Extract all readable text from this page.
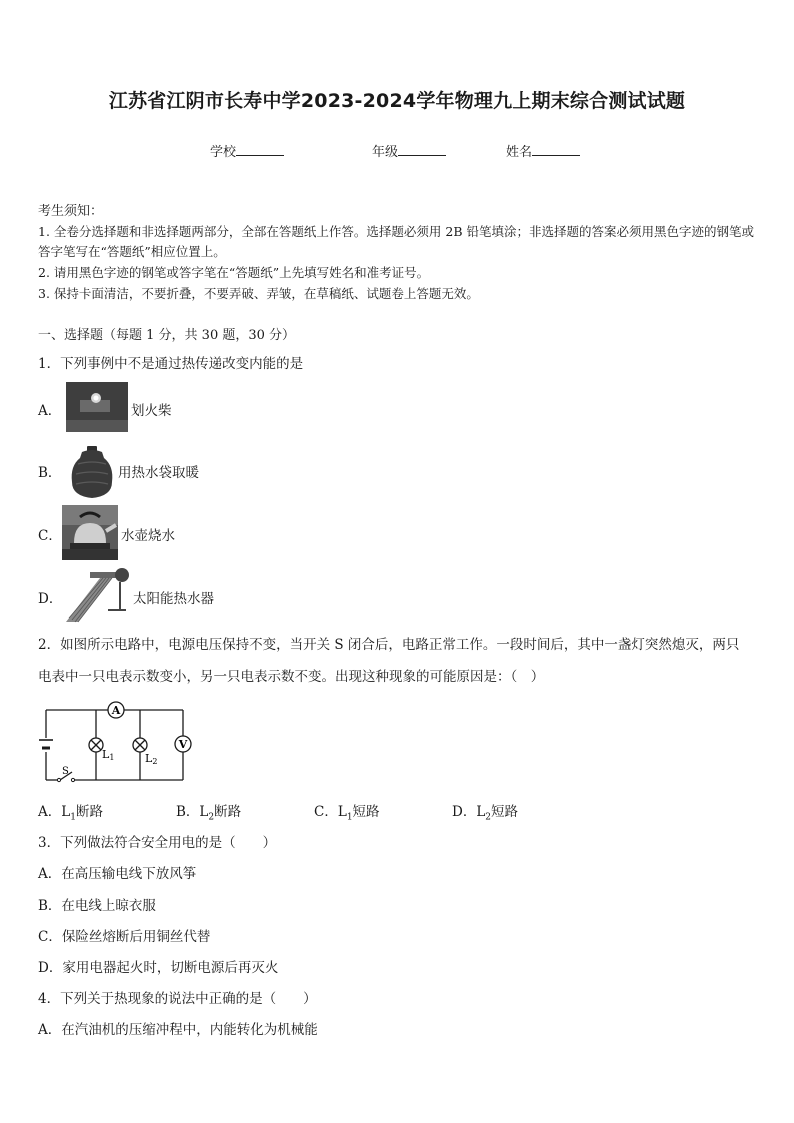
江苏省江阴市长寿中学2023-2024学年物理九上期末综合测试试题
学校	年级	姓名
考生须知：
1. 全卷分选择题和非选择题两部分，全部在答题纸上作答。选择题必须用 2B 铅笔填涂；非选择题的答案必须用黑色字迹的钢笔或答字笔写在“答题纸”相应位置上。
2. 请用黑色字迹的钢笔或答字笔在“答题纸”上先填写姓名和准考证号。
3. 保持卡面清洁，不要折叠，不要弄破、弄皱，在草稿纸、试题卷上答题无效。
一、选择题（每题 1 分，共 30 题，30 分）
1．下列事例中不是通过热传递改变内能的是
A．	划火柴
B．	用热水袋取暖
C．	水壶烧水
D．	太阳能热水器
2．如图所示电路中，电源电压保持不变，当开关 S 闭合后，电路正常工作。一段时间后，其中一盏灯突然熄灭，两只
电表中一只电表示数变小，另一只电表示数不变。出现这种现象的可能原因是：（　）
A
V
L1	L2
S
A．$L_1$断路	B．$L_2$断路	C．$L_1$短路	D．$L_2$短路
3．下列做法符合安全用电的是（　　）
A．在高压输电线下放风筝
B．在电线上晾衣服
C．保险丝熔断后用铜丝代替
D．家用电器起火时，切断电源后再灭火
4．下列关于热现象的说法中正确的是（　　）
A．在汽油机的压缩冲程中，内能转化为机械能
